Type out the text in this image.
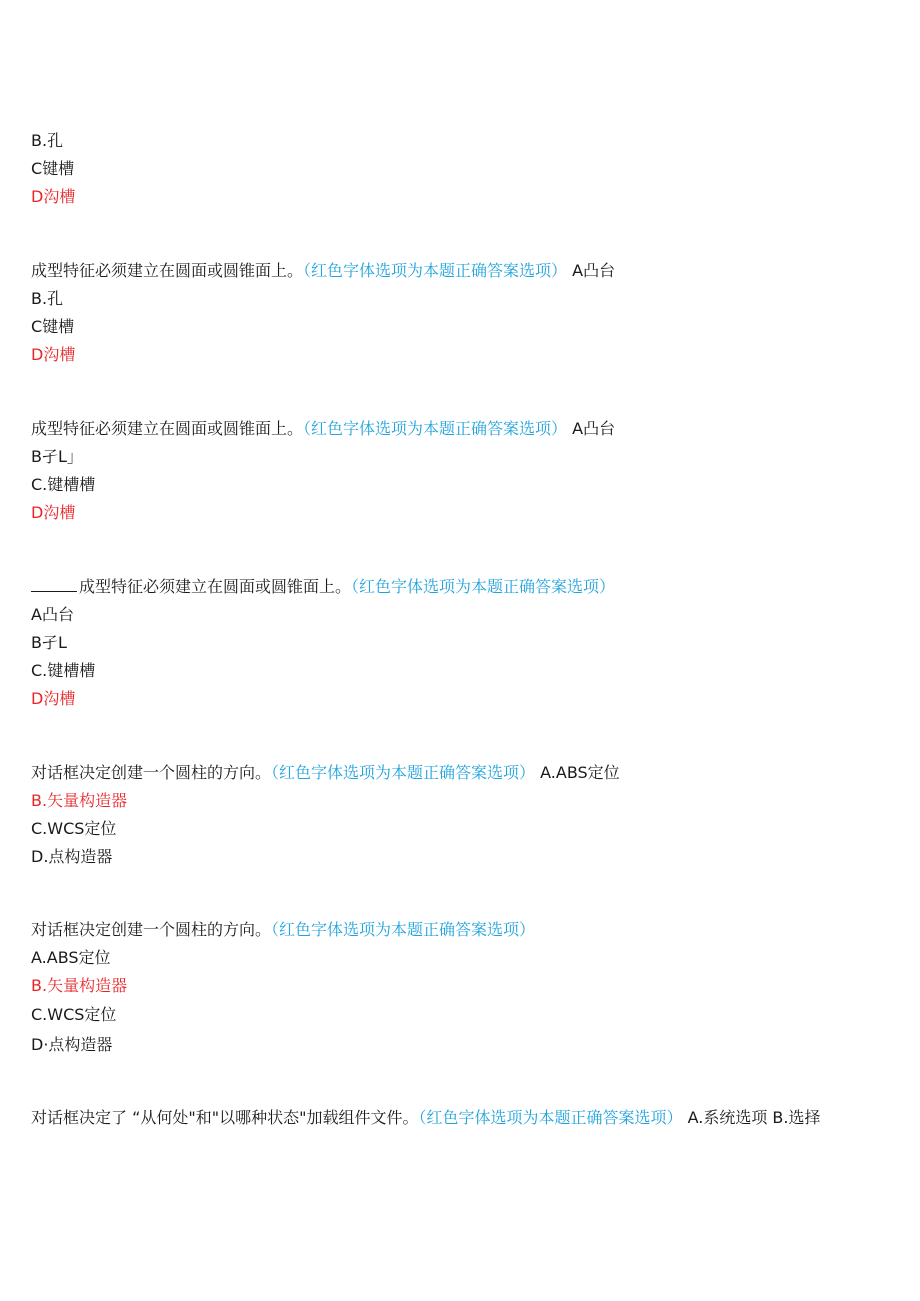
B.孔
C键槽
D沟槽
成型特征必须建立在圆面或圆锥面上。（红色字体选项为本题正确答案选项） A凸台
B.孔
C键槽
D沟槽
成型特征必须建立在圆面或圆锥面上。（红色字体选项为本题正确答案选项） A凸台
B孑L」
C.键槽槽
D沟槽
成型特征必须建立在圆面或圆锥面上。（红色字体选项为本题正确答案选项）
A凸台
B孑L
C.键槽槽
D沟槽
对话框决定创建一个圆柱的方向。（红色字体选项为本题正确答案选项） A.ABS定位
B.矢量构造器
C.WCS定位
D.点构造器
对话框决定创建一个圆柱的方向。（红色字体选项为本题正确答案选项）
A.ABS定位
B.矢量构造器
C.WCS定位
D·点构造器
对话框决定了 “从何处"和"以哪种状态"加载组件文件。（红色字体选项为本题正确答案选项） A.系统选项 B.选择
